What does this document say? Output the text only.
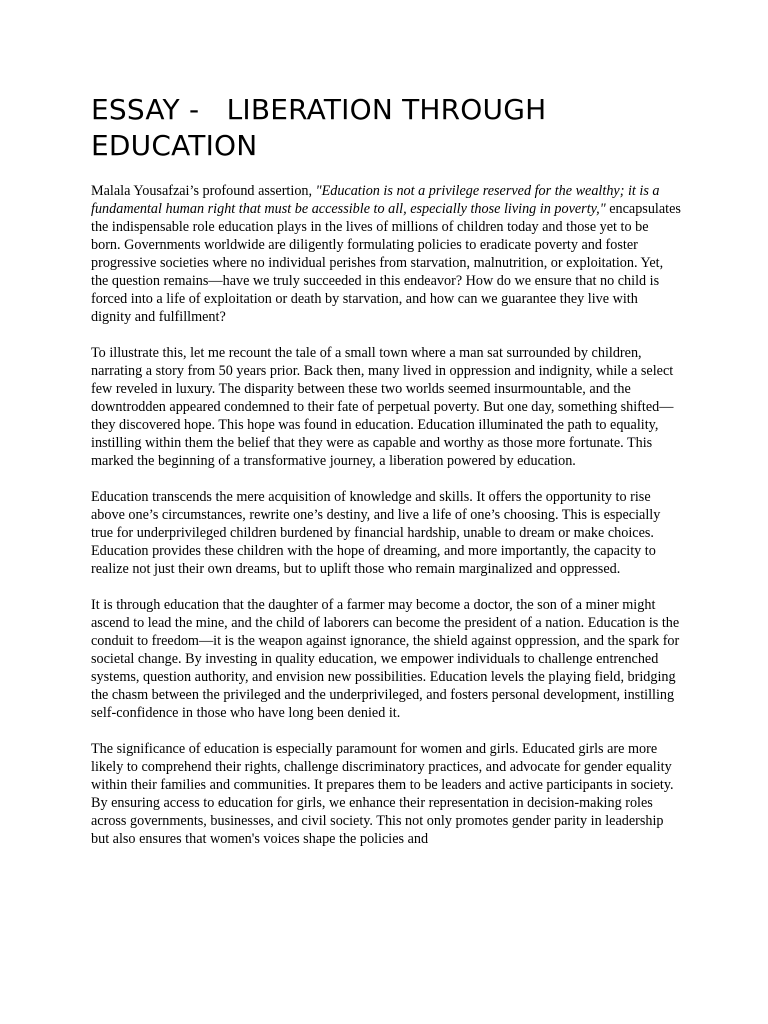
ESSAY - LIBERATION THROUGH EDUCATION

Malala Yousafzai’s profound assertion, "Education is not a privilege reserved for the wealthy; it is a fundamental human right that must be accessible to all, especially those living in poverty," encapsulates the indispensable role education plays in the lives of millions of children today and those yet to be born. Governments worldwide are diligently formulating policies to eradicate poverty and foster progressive societies where no individual perishes from starvation, malnutrition, or exploitation. Yet, the question remains—have we truly succeeded in this endeavor? How do we ensure that no child is forced into a life of exploitation or death by starvation, and how can we guarantee they live with dignity and fulfillment?

To illustrate this, let me recount the tale of a small town where a man sat surrounded by children, narrating a story from 50 years prior. Back then, many lived in oppression and indignity, while a select few reveled in luxury. The disparity between these two worlds seemed insurmountable, and the downtrodden appeared condemned to their fate of perpetual poverty. But one day, something shifted—they discovered hope. This hope was found in education. Education illuminated the path to equality, instilling within them the belief that they were as capable and worthy as those more fortunate. This marked the beginning of a transformative journey, a liberation powered by education.

Education transcends the mere acquisition of knowledge and skills. It offers the opportunity to rise above one’s circumstances, rewrite one’s destiny, and live a life of one’s choosing. This is especially true for underprivileged children burdened by financial hardship, unable to dream or make choices. Education provides these children with the hope of dreaming, and more importantly, the capacity to realize not just their own dreams, but to uplift those who remain marginalized and oppressed.

It is through education that the daughter of a farmer may become a doctor, the son of a miner might ascend to lead the mine, and the child of laborers can become the president of a nation. Education is the conduit to freedom—it is the weapon against ignorance, the shield against oppression, and the spark for societal change. By investing in quality education, we empower individuals to challenge entrenched systems, question authority, and envision new possibilities. Education levels the playing field, bridging the chasm between the privileged and the underprivileged, and fosters personal development, instilling self-confidence in those who have long been denied it.

The significance of education is especially paramount for women and girls. Educated girls are more likely to comprehend their rights, challenge discriminatory practices, and advocate for gender equality within their families and communities. It prepares them to be leaders and active participants in society. By ensuring access to education for girls, we enhance their representation in decision-making roles across governments, businesses, and civil society. This not only promotes gender parity in leadership but also ensures that women's voices shape the policies and
